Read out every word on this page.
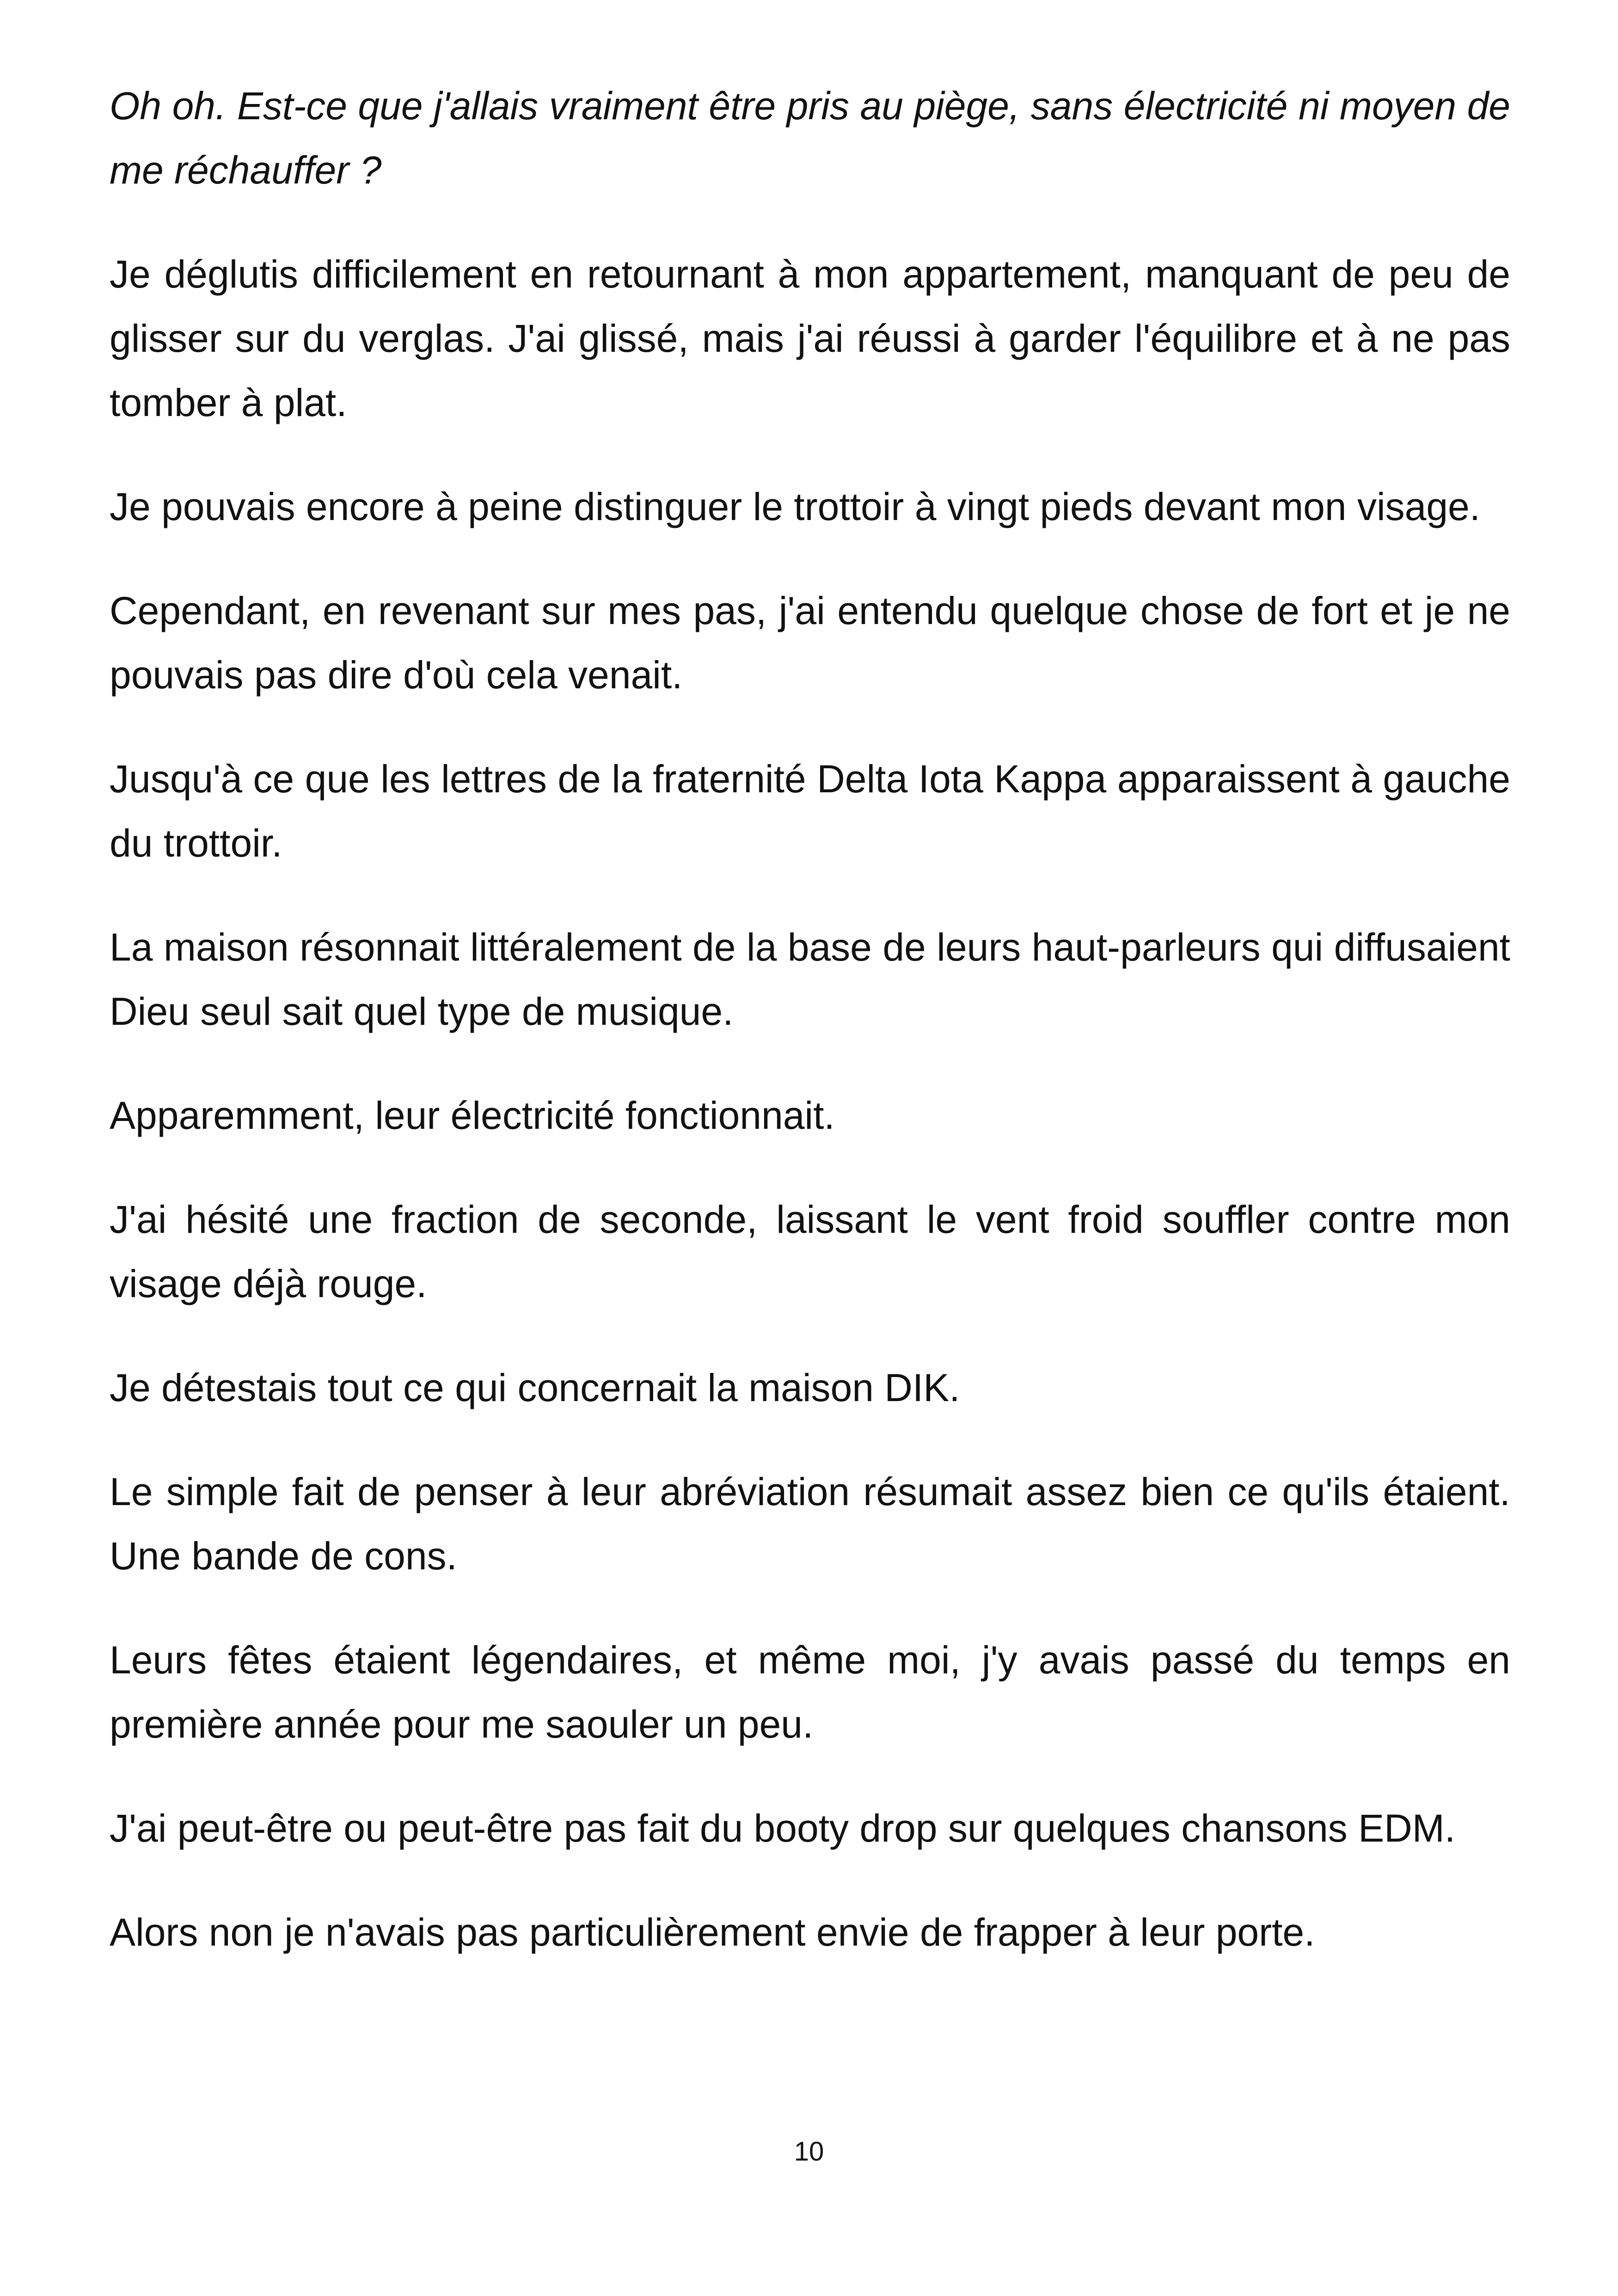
Oh oh. Est-ce que j'allais vraiment être pris au piège, sans électricité ni moyen de me réchauffer ?

Je déglutis difficilement en retournant à mon appartement, manquant de peu de glisser sur du verglas. J'ai glissé, mais j'ai réussi à garder l'équilibre et à ne pas tomber à plat.

Je pouvais encore à peine distinguer le trottoir à vingt pieds devant mon visage.

Cependant, en revenant sur mes pas, j'ai entendu quelque chose de fort et je ne pouvais pas dire d'où cela venait.

Jusqu'à ce que les lettres de la fraternité Delta Iota Kappa apparaissent à gauche du trottoir.

La maison résonnait littéralement de la base de leurs haut-parleurs qui diffusaient Dieu seul sait quel type de musique.

Apparemment, leur électricité fonctionnait.

J'ai hésité une fraction de seconde, laissant le vent froid souffler contre mon visage déjà rouge.

Je détestais tout ce qui concernait la maison DIK.

Le simple fait de penser à leur abréviation résumait assez bien ce qu'ils étaient. Une bande de cons.

Leurs fêtes étaient légendaires, et même moi, j'y avais passé du temps en première année pour me saouler un peu.

J'ai peut-être ou peut-être pas fait du booty drop sur quelques chansons EDM.

Alors non je n'avais pas particulièrement envie de frapper à leur porte.

10
